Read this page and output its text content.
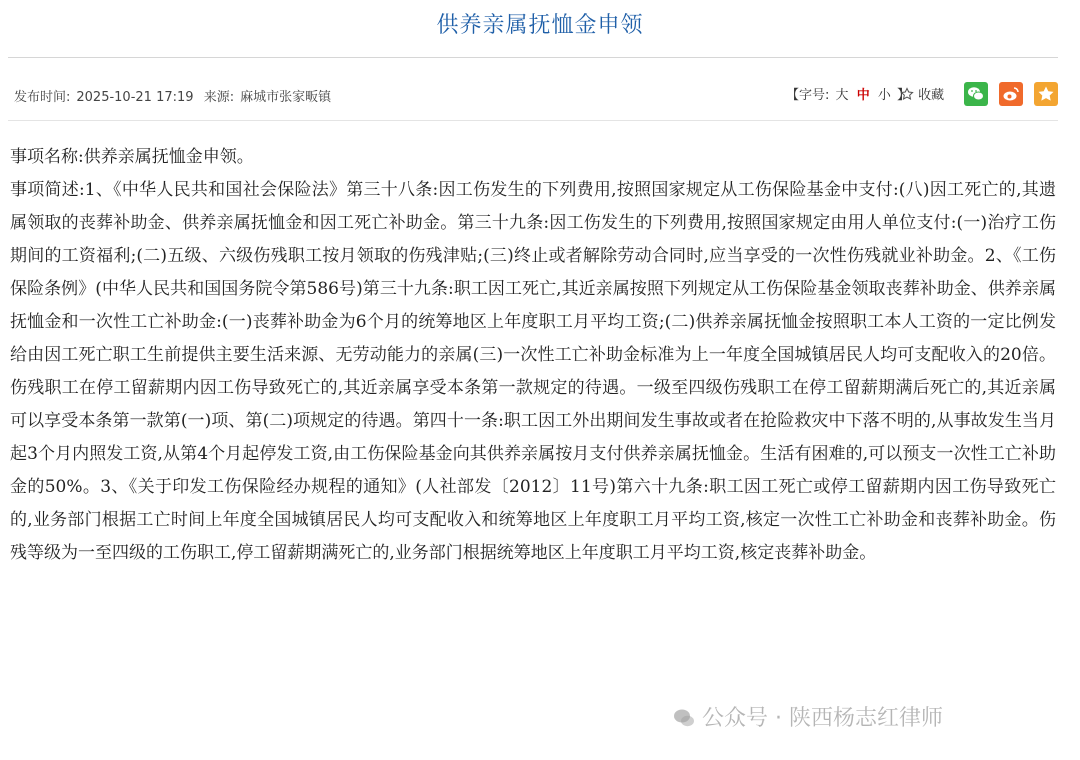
供养亲属抚恤金申领
发布时间: 2025-10-21 17:19 来源: 麻城市张家畈镇	【字号: 大 中 小 】 收藏

事项名称:供养亲属抚恤金申领。

事项简述:1、《中华人民共和国社会保险法》第三十八条:因工伤发生的下列费用,按照国家规定从工伤保险基金中支付:(八)因工死亡的,其遗属领取的丧葬补助金、供养亲属抚恤金和因工死亡补助金。第三十九条:因工伤发生的下列费用,按照国家规定由用人单位支付:(一)治疗工伤期间的工资福利;(二)五级、六级伤残职工按月领取的伤残津贴;(三)终止或者解除劳动合同时,应当享受的一次性伤残就业补助金。2、《工伤保险条例》(中华人民共和国国务院令第586号)第三十九条:职工因工死亡,其近亲属按照下列规定从工伤保险基金领取丧葬补助金、供养亲属抚恤金和一次性工亡补助金:(一)丧葬补助金为6个月的统筹地区上年度职工月平均工资;(二)供养亲属抚恤金按照职工本人工资的一定比例发给由因工死亡职工生前提供主要生活来源、无劳动能力的亲属(三)一次性工亡补助金标准为上一年度全国城镇居民人均可支配收入的20倍。伤残职工在停工留薪期内因工伤导致死亡的,其近亲属享受本条第一款规定的待遇。一级至四级伤残职工在停工留薪期满后死亡的,其近亲属可以享受本条第一款第(一)项、第(二)项规定的待遇。第四十一条:职工因工外出期间发生事故或者在抢险救灾中下落不明的,从事故发生当月起3个月内照发工资,从第4个月起停发工资,由工伤保险基金向其供养亲属按月支付供养亲属抚恤金。生活有困难的,可以预支一次性工亡补助金的50%。3、《关于印发工伤保险经办规程的通知》(人社部发〔2012〕11号)第六十九条:职工因工死亡或停工留薪期内因工伤导致死亡的,业务部门根据工亡时间上年度全国城镇居民人均可支配收入和统筹地区上年度职工月平均工资,核定一次性工亡补助金和丧葬补助金。伤残等级为一至四级的工伤职工,停工留薪期满死亡的,业务部门根据统筹地区上年度职工月平均工资,核定丧葬补助金。

公众号 · 陕西杨志红律师
